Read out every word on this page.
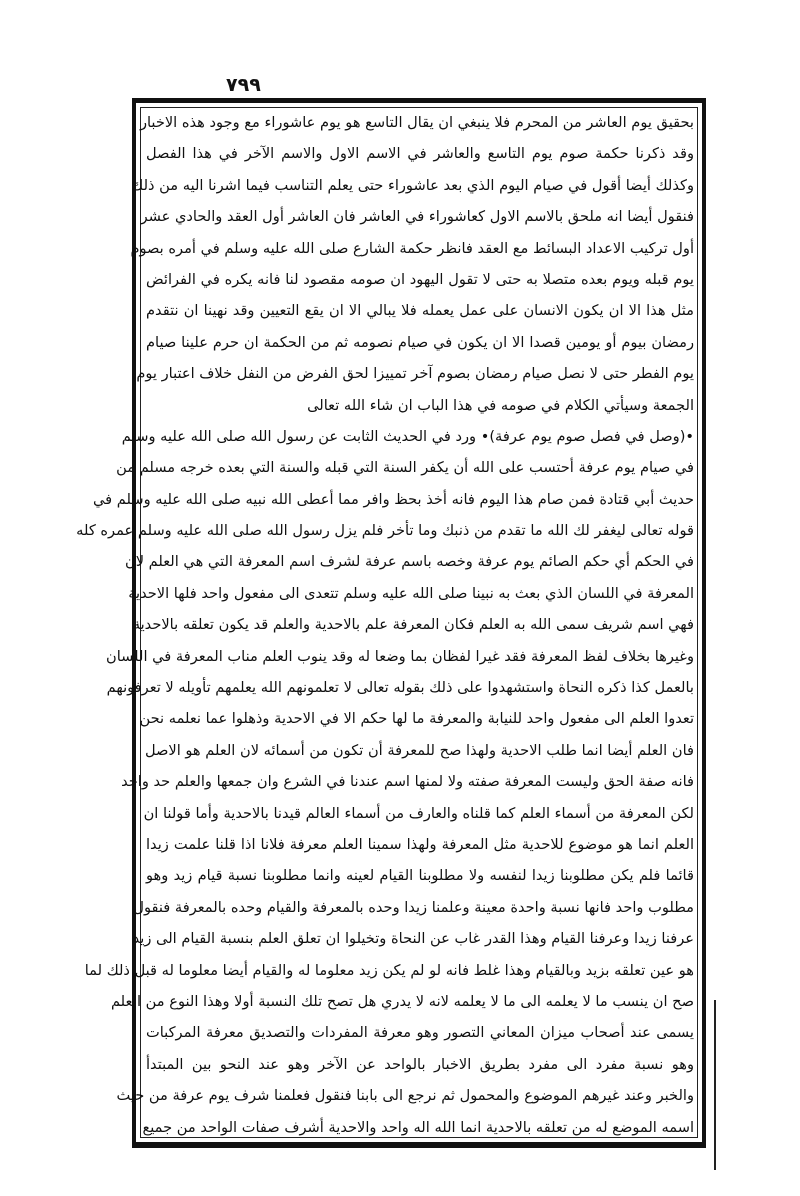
٧٩٩
بحقيق يوم العاشر من المحرم فلا ينبغي ان يقال التاسع هو يوم عاشوراء مع وجود هذه الاخبار
وقد ذكرنا حكمة صوم يوم التاسع والعاشر في الاسم الاول والاسم الآخر في هذا الفصل
وكذلك أيضا أقول في صيام اليوم الذي بعد عاشوراء حتى يعلم التناسب فيما اشرنا اليه من ذلك
فنقول أيضا انه ملحق بالاسم الاول كعاشوراء في العاشر فان العاشر أول العقد والحادي عشر
أول تركيب الاعداد البسائط مع العقد فانظر حكمة الشارع صلى الله عليه وسلم في أمره بصوم
يوم قبله ويوم بعده متصلا به حتى لا تقول اليهود ان صومه مقصود لنا فانه يكره في الفرائض
مثل هذا الا ان يكون الانسان على عمل يعمله فلا يبالي الا ان يقع التعيين وقد نهينا ان نتقدم
رمضان بيوم أو يومين قصدا الا ان يكون في صيام نصومه ثم من الحكمة ان حرم علينا صيام
يوم الفطر حتى لا نصل صيام رمضان بصوم آخر تمييزا لحق الفرض من النفل خلاف اعتبار يوم
الجمعة وسيأتي الكلام في صومه في هذا الباب ان شاء الله تعالى
•(وصل في فصل صوم يوم عرفة)• ورد في الحديث الثابت عن رسول الله صلى الله عليه وسلم
في صيام يوم عرفة أحتسب على الله أن يكفر السنة التي قبله والسنة التي بعده خرجه مسلم من
حديث أبي قتادة فمن صام هذا اليوم فانه أخذ بحظ وافر مما أعطى الله نبيه صلى الله عليه وسلم في
قوله تعالى ليغفر لك الله ما تقدم من ذنبك وما تأخر فلم يزل رسول الله صلى الله عليه وسلم عمره كله
في الحكم أي حكم الصائم يوم عرفة وخصه باسم عرفة لشرف اسم المعرفة التي هي العلم لان
المعرفة في اللسان الذي بعث به نبينا صلى الله عليه وسلم تتعدى الى مفعول واحد فلها الاحدية
فهي اسم شريف سمى الله به العلم فكان المعرفة علم بالاحدية والعلم قد يكون تعلقه بالاحدية
وغيرها بخلاف لفظ المعرفة فقد غيرا لفظان بما وضعا له وقد ينوب العلم مناب المعرفة في اللسان
بالعمل كذا ذكره النحاة واستشهدوا على ذلك بقوله تعالى لا تعلمونهم الله يعلمهم تأويله لا تعرفونهم
تعدوا العلم الى مفعول واحد للنيابة والمعرفة ما لها حكم الا في الاحدية وذهلوا عما نعلمه نحن
فان العلم أيضا انما طلب الاحدية ولهذا صح للمعرفة أن تكون من أسمائه لان العلم هو الاصل
فانه صفة الحق وليست المعرفة صفته ولا لمنها اسم عندنا في الشرع وان جمعها والعلم حد واحد
لكن المعرفة من أسماء العلم كما قلناه والعارف من أسماء العالم قيدنا بالاحدية وأما قولنا ان
العلم انما هو موضوع للاحدية مثل المعرفة ولهذا سمينا العلم معرفة فلانا اذا قلنا علمت زيدا
قائما فلم يكن مطلوبنا زيدا لنفسه ولا مطلوبنا القيام لعينه وانما مطلوبنا نسبة قيام زيد وهو
مطلوب واحد فانها نسبة واحدة معينة وعلمنا زيدا وحده بالمعرفة والقيام وحده بالمعرفة فنقول
عرفنا زيدا وعرفنا القيام وهذا القدر غاب عن النحاة وتخيلوا ان تعلق العلم بنسبة القيام الى زيد
هو عين تعلقه بزيد وبالقيام وهذا غلط فانه لو لم يكن زيد معلوما له والقيام أيضا معلوما له قبل ذلك لما
صح ان ينسب ما لا يعلمه الى ما لا يعلمه لانه لا يدري هل تصح تلك النسبة أولا وهذا النوع من العلم
يسمى عند أصحاب ميزان المعاني التصور وهو معرفة المفردات والتصديق معرفة المركبات
وهو نسبة مفرد الى مفرد بطريق الاخبار بالواحد عن الآخر وهو عند النحو بين المبتدأ
والخبر وعند غيرهم الموضوع والمحمول ثم نرجع الى بابنا فنقول فعلمنا شرف يوم عرفة من حيث
اسمه الموضع له من تعلقه بالاحدية انما الله اله واحد والاحدية أشرف صفات الواحد من جميع
